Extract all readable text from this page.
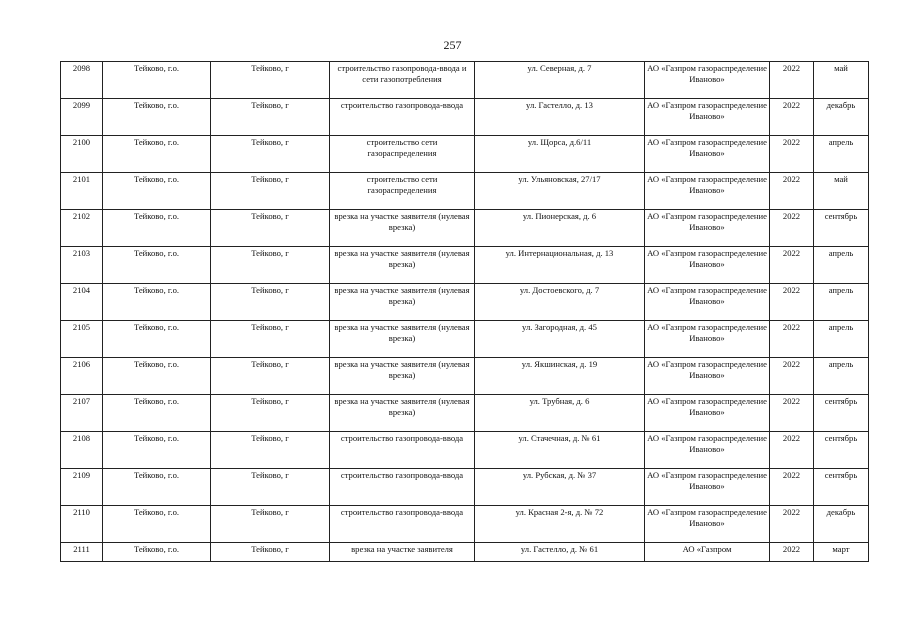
257
2098	Тейково, г.о.	Тейково, г	строительство газопровода-ввода и сети газопотребления	ул. Северная, д. 7	АО «Газпром газораспределение Иваново»	2022	май
2099	Тейково, г.о.	Тейково, г	строительство газопровода-ввода	ул. Гастелло, д. 13	АО «Газпром газораспределение Иваново»	2022	декабрь
2100	Тейково, г.о.	Тейково, г	строительство сети газораспределения	ул. Щорса, д.6/11	АО «Газпром газораспределение Иваново»	2022	апрель
2101	Тейково, г.о.	Тейково, г	строительство сети газораспределения	ул. Ульяновская, 27/17	АО «Газпром газораспределение Иваново»	2022	май
2102	Тейково, г.о.	Тейково, г	врезка на участке заявителя (нулевая врезка)	ул. Пионерская, д. 6	АО «Газпром газораспределение Иваново»	2022	сентябрь
2103	Тейково, г.о.	Тейково, г	врезка на участке заявителя (нулевая врезка)	ул. Интернациональная, д. 13	АО «Газпром газораспределение Иваново»	2022	апрель
2104	Тейково, г.о.	Тейково, г	врезка на участке заявителя (нулевая врезка)	ул. Достоевского, д. 7	АО «Газпром газораспределение Иваново»	2022	апрель
2105	Тейково, г.о.	Тейково, г	врезка на участке заявителя (нулевая врезка)	ул. Загородная, д. 45	АО «Газпром газораспределение Иваново»	2022	апрель
2106	Тейково, г.о.	Тейково, г	врезка на участке заявителя (нулевая врезка)	ул. Якшинская, д. 19	АО «Газпром газораспределение Иваново»	2022	апрель
2107	Тейково, г.о.	Тейково, г	врезка на участке заявителя (нулевая врезка)	ул. Трубная, д. 6	АО «Газпром газораспределение Иваново»	2022	сентябрь
2108	Тейково, г.о.	Тейково, г	строительство газопровода-ввода	ул. Стачечная, д. № 61	АО «Газпром газораспределение Иваново»	2022	сентябрь
2109	Тейково, г.о.	Тейково, г	строительство газопровода-ввода	ул. Рубская, д. № 37	АО «Газпром газораспределение Иваново»	2022	сентябрь
2110	Тейково, г.о.	Тейково, г	строительство газопровода-ввода	ул. Красная 2-я, д. № 72	АО «Газпром газораспределение Иваново»	2022	декабрь
2111	Тейково, г.о.	Тейково, г	врезка на участке заявителя	ул. Гастелло, д. № 61	АО «Газпром	2022	март
